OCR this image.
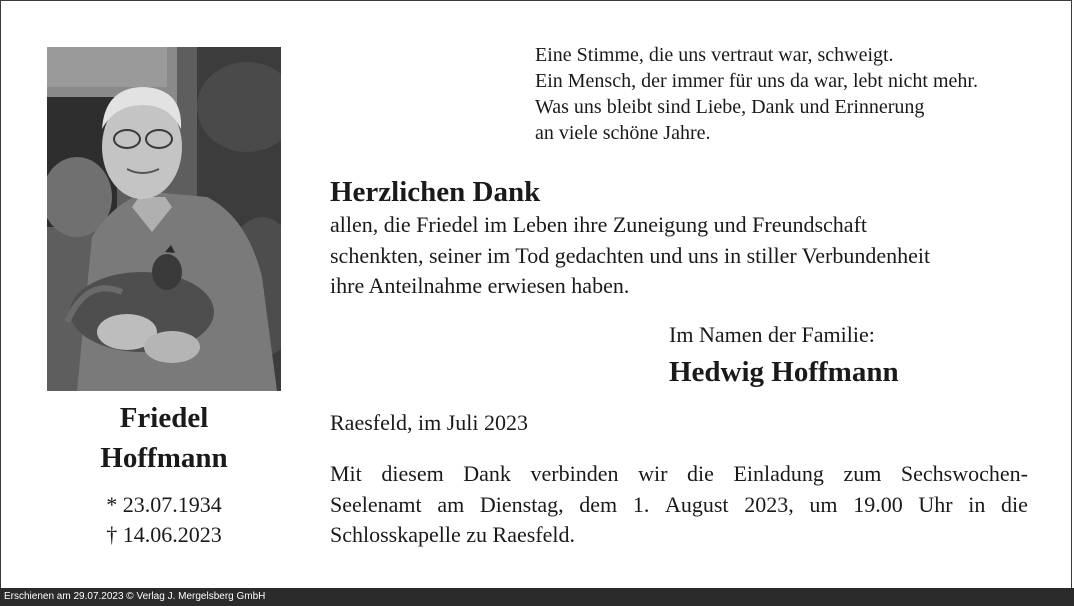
Friedel
Hoffmann
* 23.07.1934
† 14.06.2023
Eine Stimme, die uns vertraut war, schweigt.
Ein Mensch, der immer für uns da war, lebt nicht mehr.
Was uns bleibt sind Liebe, Dank und Erinnerung
an viele schöne Jahre.
Herzlichen Dank
allen, die Friedel im Leben ihre Zuneigung und Freundschaft
schenkten, seiner im Tod gedachten und uns in stiller Verbundenheit
ihre Anteilnahme erwiesen haben.
Im Namen der Familie:
Hedwig Hoffmann
Raesfeld, im Juli 2023
Mit diesem Dank verbinden wir die Einladung zum Sechswochen-
Seelenamt am Dienstag, dem 1. August 2023, um 19.00 Uhr in die
Schlosskapelle zu Raesfeld.
Erschienen am 29.07.2023 © Verlag J. Mergelsberg GmbH
